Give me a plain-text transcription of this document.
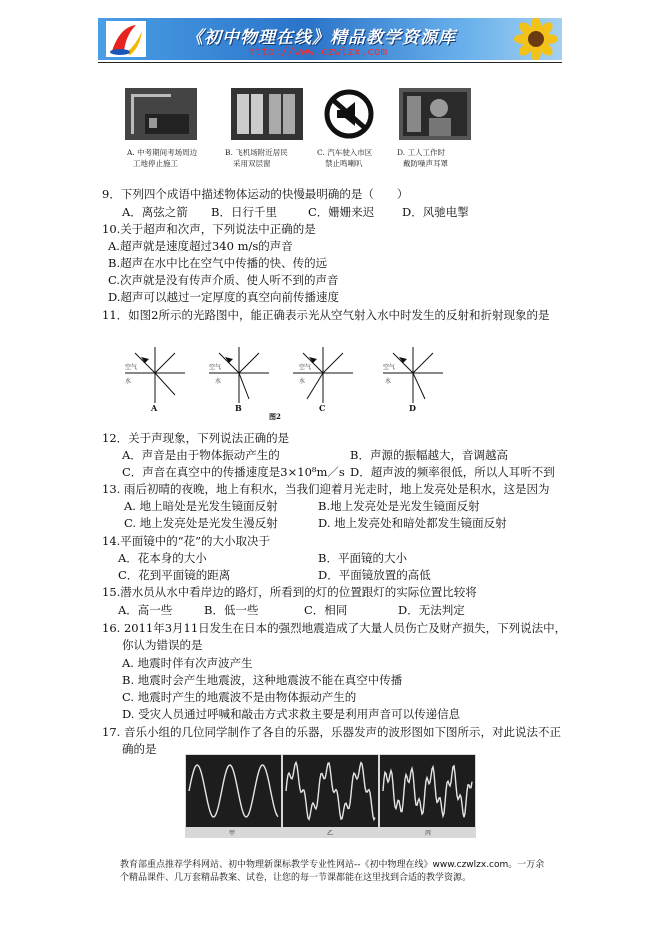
《初中物理在线》精品教学资源库
http://www.czwlzx.com
A. 中考期间考场周边
工地停止施工
B. 飞机场附近居民
采用双层窗
C. 汽车驶入市区
禁止鸣喇叭
D. 工人工作时
戴防噪声耳罩
9．下列四个成语中描述物体运动的快慢最明确的是（　　）
A．离弦之箭 B．日行千里	C．姗姗来迟 D．风驰电掣
10.关于超声和次声，下列说法中正确的是
A.超声就是速度超过340 m/s的声音
B.超声在水中比在空气中传播的快、传的远
C.次声就是没有传声介质、使人听不到的声音
D.超声可以越过一定厚度的真空向前传播速度
11．如图2所示的光路图中，能正确表示光从空气射入水中时发生的反射和折射现象的是
空气
水
空气
水
空气
水
空气
水
A	B	C	D
图2
12．关于声现象，下列说法正确的是
A．声音是由于物体振动产生的	B．声源的振幅越大，音调越高
C．声音在真空中的传播速度是3×10⁸m／s D．超声波的频率很低，所以人耳听不到
13. 雨后初晴的夜晚，地上有积水，当我们迎着月光走时，地上发亮处是积水，这是因为
A. 地上暗处是光发生镜面反射	B.地上发亮处是光发生镜面反射
C. 地上发亮处是光发生漫反射	D. 地上发亮处和暗处都发生镜面反射
14.平面镜中的“花”的大小取决于
A．花本身的大小	B．平面镜的大小
C．花到平面镜的距离	D．平面镜放置的高低
15.潜水员从水中看岸边的路灯，所看到的灯的位置跟灯的实际位置比较将
A．高一些	B．低一些	C．相同	D．无法判定
16. 2011年3月11日发生在日本的强烈地震造成了大量人员伤亡及财产损失，下列说法中，
你认为错误的是
A. 地震时伴有次声波产生
B. 地震时会产生地震波，这种地震波不能在真空中传播
C. 地震时产生的地震波不是由物体振动产生的
D. 受灾人员通过呼喊和敲击方式求救主要是利用声音可以传递信息
17. 音乐小组的几位同学制作了各自的乐器，乐器发声的波形图如下图所示，对此说法不正
确的是
甲	乙	丙
教育部重点推荐学科网站、初中物理新课标教学专业性网站--《初中物理在线》www.czwlzx.com。一万余
个精品课件、几万套精品教案、试卷，让您的每一节课都能在这里找到合适的教学资源。
